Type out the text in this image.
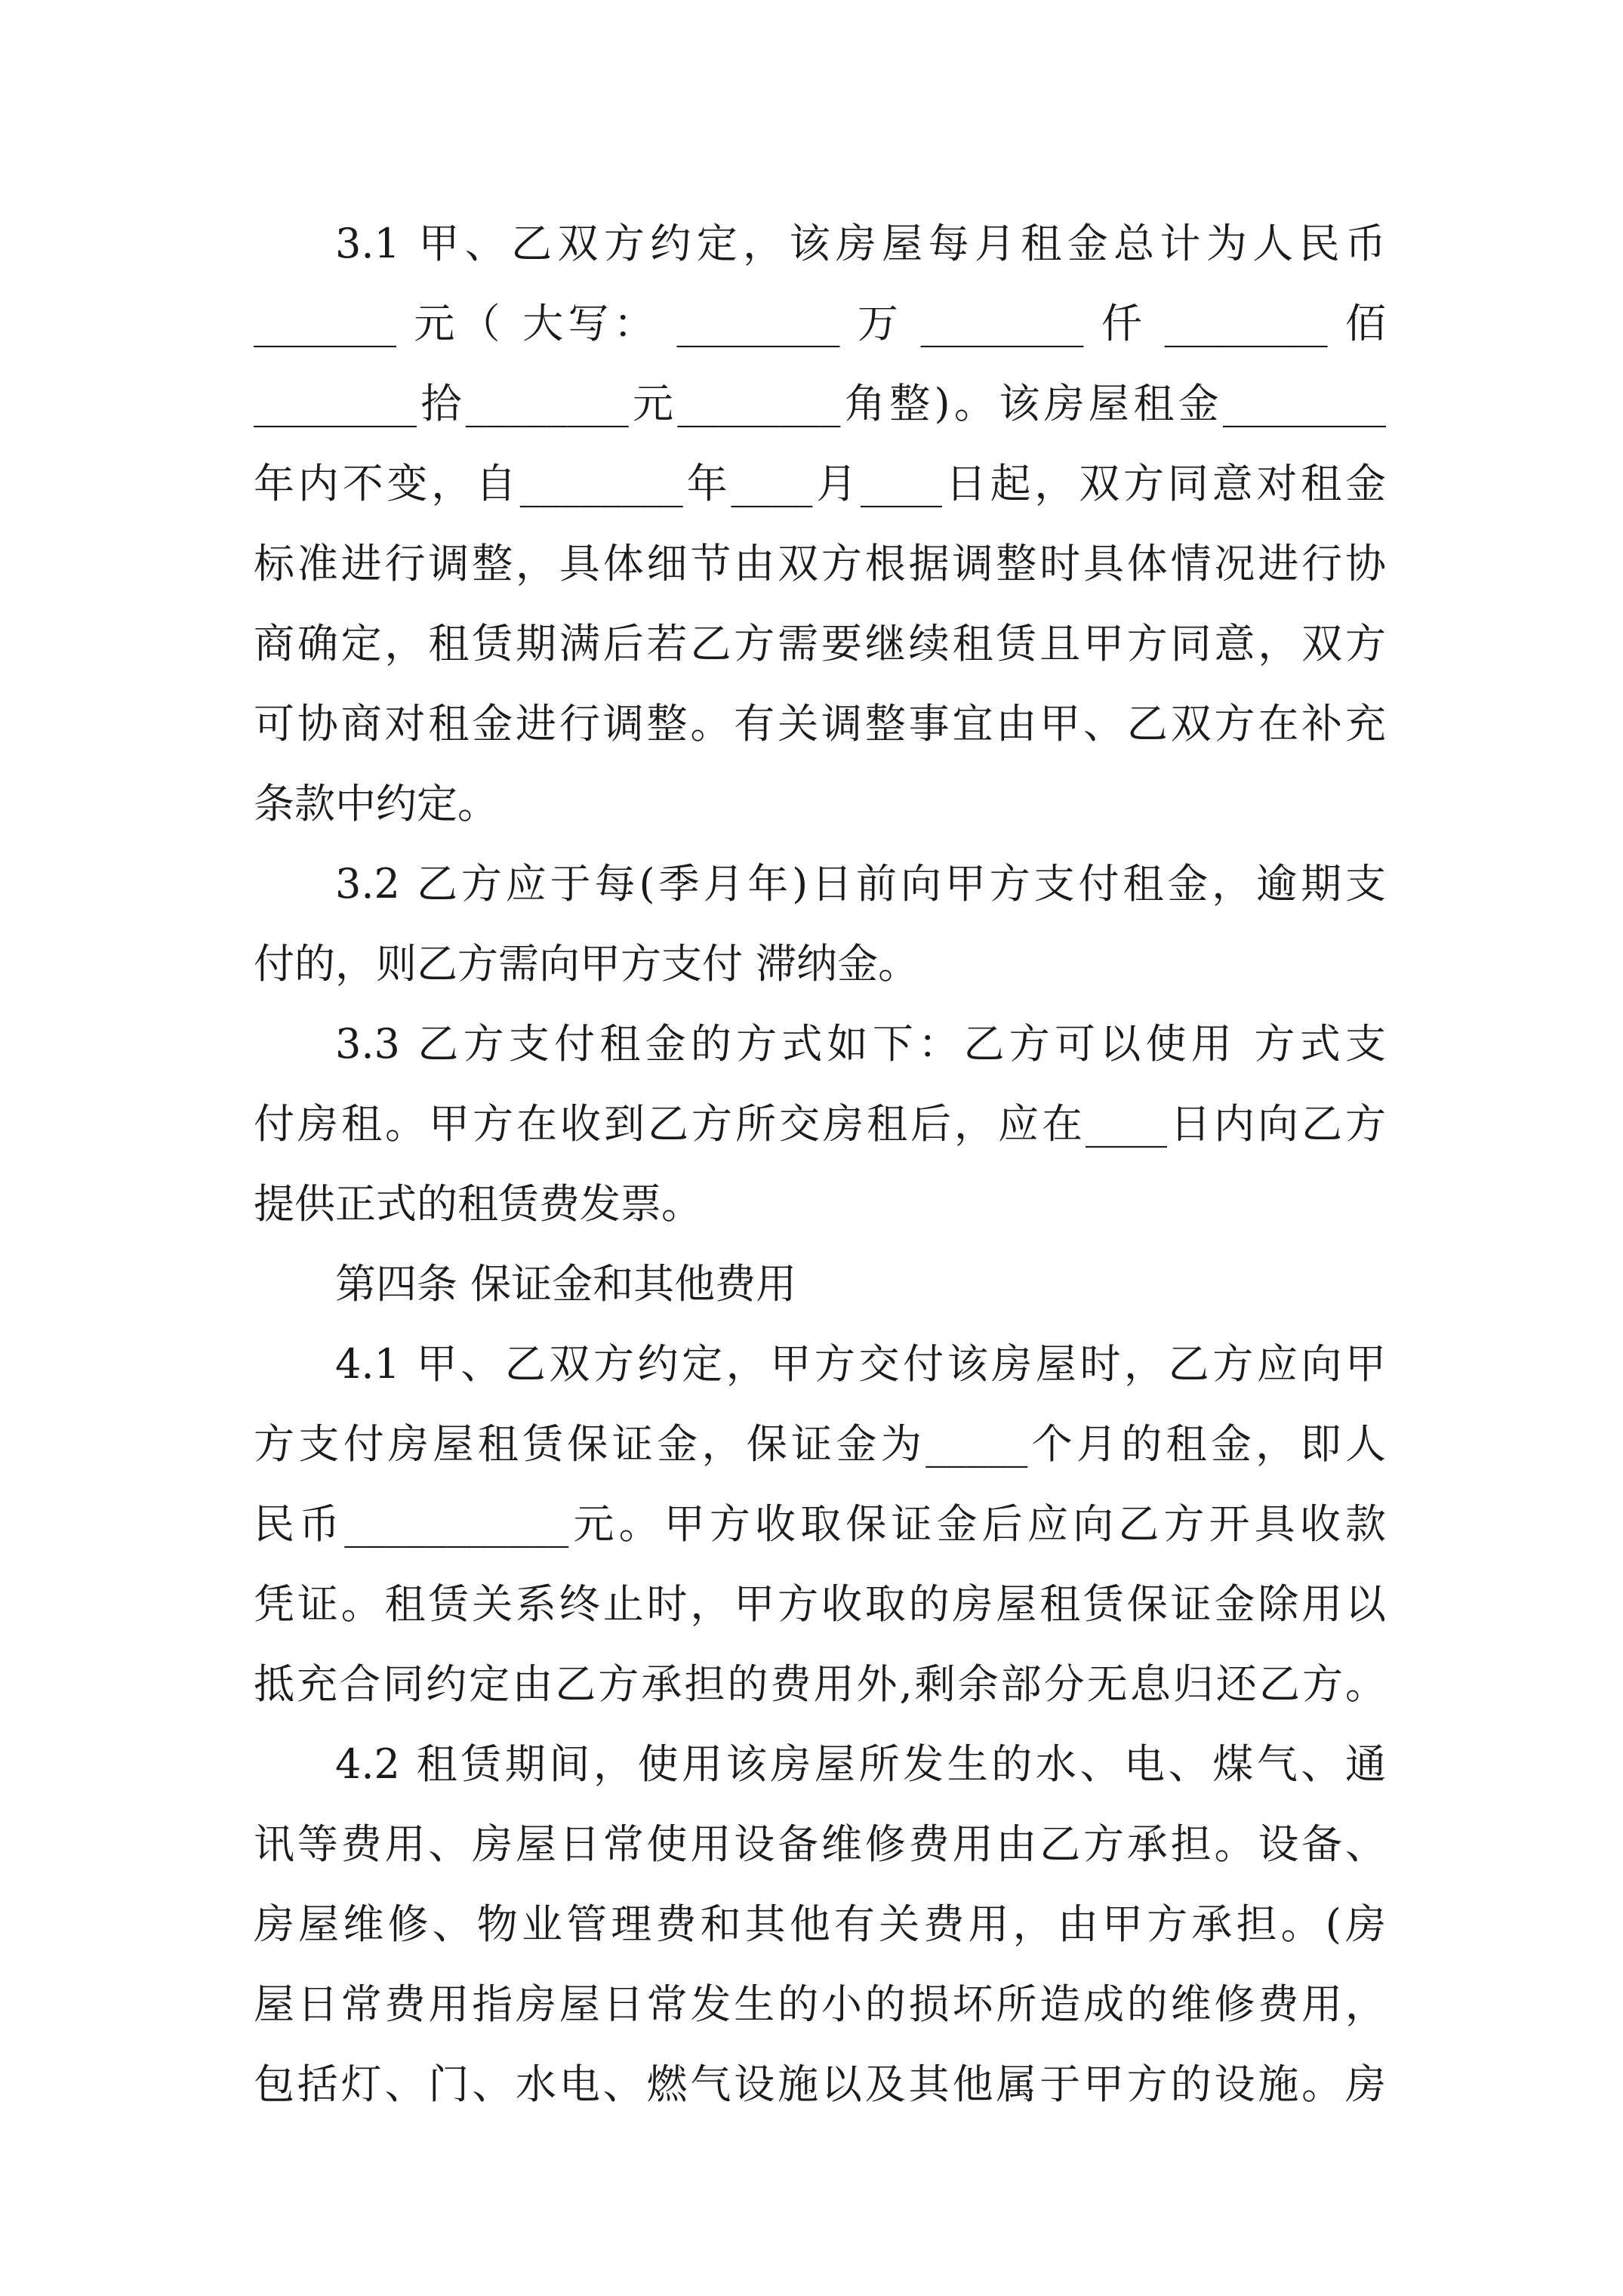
3.1 甲、乙双方约定，该房屋每月租金总计为人民币
_______ 元（ 大写： ________ 万 ________ 仟 ________ 佰
________拾________元________角整)。该房屋租金________
年内不变，自________年____月____日起，双方同意对租金
标准进行调整，具体细节由双方根据调整时具体情况进行协
商确定，租赁期满后若乙方需要继续租赁且甲方同意，双方
可协商对租金进行调整。有关调整事宜由甲、乙双方在补充
条款中约定。
3.2 乙方应于每(季月年)日前向甲方支付租金，逾期支
付的，则乙方需向甲方支付 滞纳金。
3.3 乙方支付租金的方式如下：乙方可以使用 方式支
付房租。甲方在收到乙方所交房租后，应在____日内向乙方
提供正式的租赁费发票。
第四条 保证金和其他费用
4.1 甲、乙双方约定，甲方交付该房屋时，乙方应向甲
方支付房屋租赁保证金，保证金为_____个月的租金，即人
民币___________元。甲方收取保证金后应向乙方开具收款
凭证。租赁关系终止时，甲方收取的房屋租赁保证金除用以
抵充合同约定由乙方承担的费用外,剩余部分无息归还乙方。
4.2 租赁期间，使用该房屋所发生的水、电、煤气、通
讯等费用、房屋日常使用设备维修费用由乙方承担。设备、
房屋维修、物业管理费和其他有关费用，由甲方承担。(房
屋日常费用指房屋日常发生的小的损坏所造成的维修费用，
包括灯、门、水电、燃气设施以及其他属于甲方的设施。房
